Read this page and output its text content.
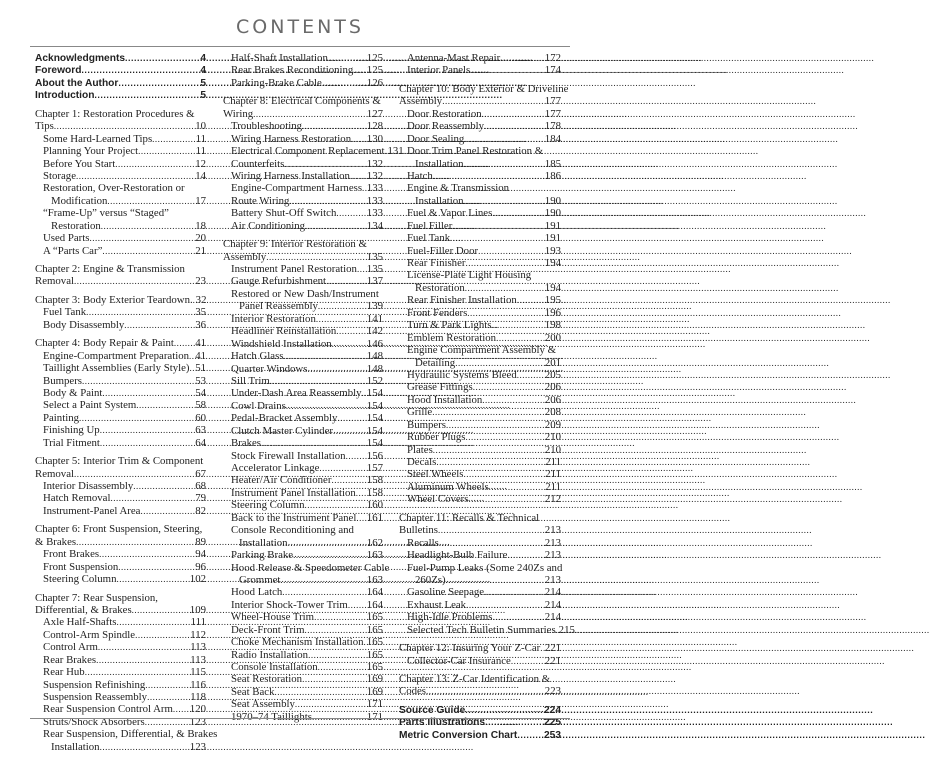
CONTENTS
Acknowledgments .....	4
Foreword .....	4
About the Author .....	5
Introduction .....	5
Chapter 1: Restoration Procedures &
Tips .....	10
Some Hard-Learned Tips .....	11
Planning Your Project .....	11
Before You Start .....	12
Storage .....	14
Restoration, Over-Restoration or
Modification .....	17
“Frame-Up” versus “Staged”
Restoration .....	18
Used Parts .....	20
A “Parts Car” .....	21
Chapter 2: Engine & Transmission
Removal .....	23
Chapter 3: Body Exterior Teardown. ..... 32
Fuel Tank .....	35
Body Disassembly .....	36
Chapter 4: Body Repair & Paint ..... 41
Engine-Compartment Preparation ..... 41
Taillight Assemblies (Early Style) ..... 51
Bumpers .....	53
Body & Paint .....	54
Select a Paint System .....	58
Painting .....	60
Finishing Up .....	63
Trial Fitment .....	64
Chapter 5: Interior Trim & Component
Removal .....	67
Interior Disassembly .....	68
Hatch Removal .....	79
Instrument-Panel Area .....	82
Chapter 6: Front Suspension, Steering,
& Brakes .....	89
Front Brakes .....	94
Front Suspension .....	96
Steering Column .....	102
Chapter 7: Rear Suspension,
Differential, & Brakes .....	109
Axle Half-Shafts .....	111
Control-Arm Spindle .....	112
Control Arm .....	113
Rear Brakes .....	113
Rear Hub .....	115
Suspension Refinishing .....	116
Suspension Reassembly .....	118
Rear Suspension Control Arm ..... 120
Struts/Shock Absorbers .....	123
Rear Suspension, Differential, & Brakes
Installation .....	123
Half-Shaft Installation .....	125
Rear Brakes Reconditioning ..... 125
Parking-Brake Cable .....	126
Chapter 8: Electrical Components &
Wiring .....	127
Troubleshooting .....	128
Wiring Harness Restoration ..... 130
Electrical Component Replacement ..... 131
Counterfeits .....	132
Wiring Harness Installation ..... 132
Engine-Compartment Harness ..... 133
Route Wiring .....	133
Battery Shut-Off Switch .....	133
Air Conditioning .....	134
Chapter 9: Interior Restoration &
Assembly .....	135
Instrument Panel Restoration ..... 135
Gauge Refurbishment .....	137
Restored or New Dash/Instrument
Panel Reassembly .....	139
Interior Restoration .....	141
Headliner Reinstallation .....	142
Windshield Installation .....	146
Hatch Glass .....	148
Quarter Windows .....	148
Sill Trim .....	152
Under-Dash Area Reassembly ..... 154
Cowl Drains .....	154
Pedal-Bracket Assembly .....	154
Clutch Master Cylinder .....	154
Brakes .....	154
Stock Firewall Installation ..... 156
Accelerator Linkage .....	157
Heater/Air Conditioner .....	158
Instrument Panel Installation ..... 158
Steering Column .....	160
Back to the Instrument Panel ..... 161
Console Reconditioning and
Installation .....	162
Parking Brake .....	163
Hood Release & Speedometer Cable
Grommet .....	163
Hood Latch .....	164
Interior Shock-Tower Trim ..... 164
Wheel-House Trim .....	165
Deck-Front Trim .....	165
Choke Mechanism Installation ..... 165
Radio Installation .....	165
Console Installation .....	165
Seat Restoration .....	169
Seat Back .....	169
Seat Assembly .....	171
1970–74 Taillights .....	171
Antenna-Mast Repair .....	172
Interior Panels .....	174
Chapter 10: Body Exterior & Driveline
Assembly .....	177
Door Restoration .....	177
Door Reassembly .....	178
Door Sealing .....	184
Door Trim Panel Restoration &
Installation .....	185
Hatch .....	186
Engine & Transmission
Installation .....	190
Fuel & Vapor Lines .....	190
Fuel Filler .....	191
Fuel Tank .....	191
Fuel-Filler Door .....	193
Rear Finisher .....	194
License-Plate Light Housing
Restoration .....	194
Rear Finisher Installation .....	195
Front Fenders .....	196
Turn & Park Lights .....	198
Emblem Restoration .....	200
Engine Compartment Assembly &
Detailing .....	201
Hydraulic Systems Bleed .....	205
Grease Fittings .....	206
Hood Installation .....	206
Grille .....	208
Bumpers .....	209
Rubber Plugs .....	210
Plates .....	210
Decals .....	211
Steel Wheels .....	211
Aluminum Wheels .....	211
Wheel Covers .....	212
Chapter 11: Recalls & Technical
Bulletins .....	213
Recalls .....	213
Headlight-Bulb Failure .....	213
Fuel-Pump Leaks (Some 240Zs and
260Zs) .....	213
Gasoline Seepage .....	214
Exhaust Leak .....	214
High-Idle Problems .....	214
Selected Tech Bulletin Summaries ..... 215
Chapter 12: Insuring Your Z-Car ..... 221
Collector-Car Insurance .....	221
Chapter 13: Z-Car Identification &
Codes .....	223
Source Guide .....	224
Parts Illustrations .....	225
Metric Conversion Chart .....	253
